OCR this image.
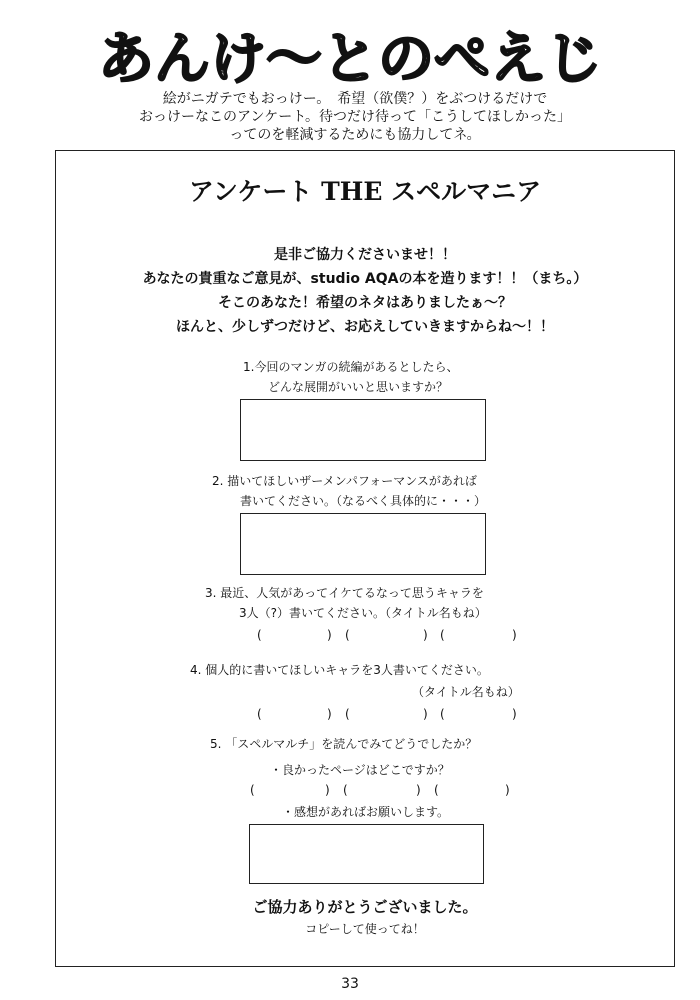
あんけ〜とのぺえじ
絵がニガテでもおっけー。　希望（欲僕？）をぶつけるだけで
おっけーなこのアンケート。待つだけ待って「こうしてほしかった」
ってのを軽減するためにも協力してネ。
アンケート THE スペルマニア
是非ご協力くださいませ！！
あなたの貴重なご意見が、studio AQAの本を造ります！！（まち。）
そこのあなた！希望のネタはありましたぁ〜？
ほんと、少しずつだけど、お応えしていきますからね〜！！
1.今回のマンガの続編があるとしたら、
どんな展開がいいと思いますか？
2. 描いてほしいザーメンパフォーマンスがあれば
書いてください。（なるべく具体的に・・・）
3. 最近、人気があってイケてるなって思うキャラを
3人（?）書いてください。（タイトル名もね）
(	) (	) (	)
4. 個人的に書いてほしいキャラを3人書いてください。
（タイトル名もね）
(	) (	) (	)
5. 「スペルマルチ」を読んでみてどうでしたか？
・良かったページはどこですか？
(	) (	) (	)
・感想があればお願いします。
ご協力ありがとうございました。
コピーして使ってね！
33
